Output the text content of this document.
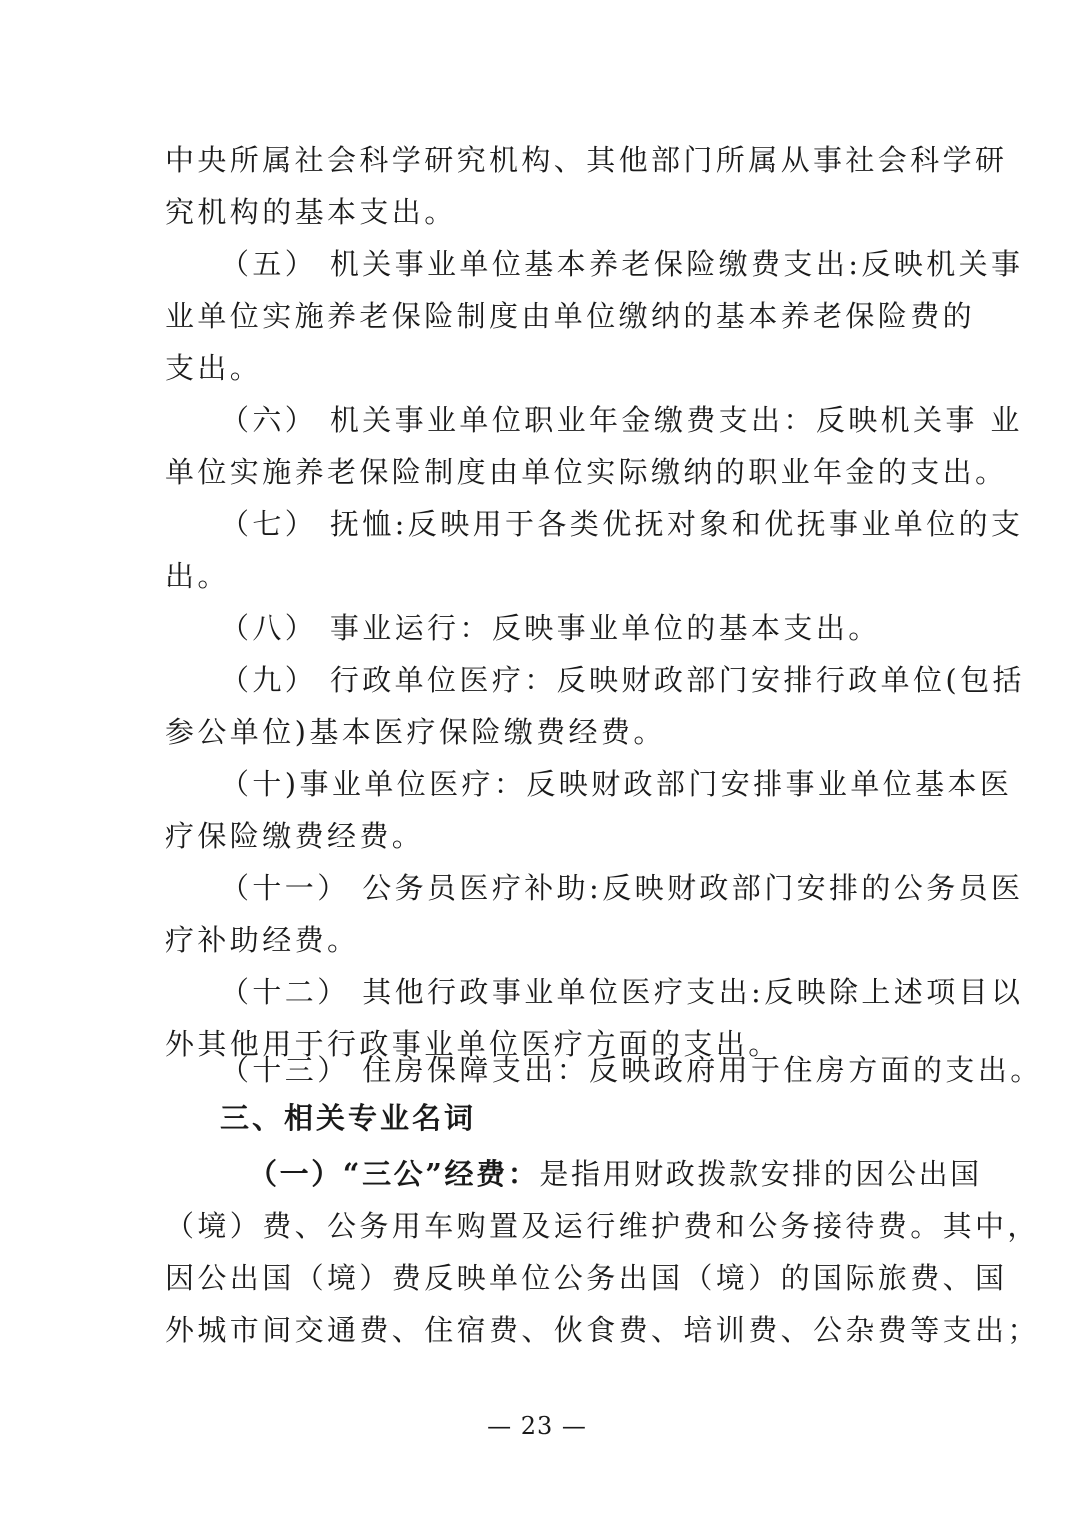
中央所属社会科学研究机构、其他部门所属从事社会科学研
究机构的基本支出。
（五） 机关事业单位基本养老保险缴费支出:反映机关事
业单位实施养老保险制度由单位缴纳的基本养老保险费的
支出。
（六） 机关事业单位职业年金缴费支出：反映机关事 业
单位实施养老保险制度由单位实际缴纳的职业年金的支出。
（七） 抚恤:反映用于各类优抚对象和优抚事业单位的支
出。
（八） 事业运行：反映事业单位的基本支出。
（九） 行政单位医疗：反映财政部门安排行政单位(包括
参公单位)基本医疗保险缴费经费。
（十)事业单位医疗：反映财政部门安排事业单位基本医
疗保险缴费经费。
（十一） 公务员医疗补助:反映财政部门安排的公务员医
疗补助经费。
（十二） 其他行政事业单位医疗支出:反映除上述项目以
外其他用于行政事业单位医疗方面的支出。
（十三） 住房保障支出：反映政府用于住房方面的支出。
三、相关专业名词
（一）“三公”经费：是指用财政拨款安排的因公出国
（境）费、公务用车购置及运行维护费和公务接待费。其中，
因公出国（境）费反映单位公务出国（境）的国际旅费、国
外城市间交通费、住宿费、伙食费、培训费、公杂费等支出；
— 23 —
